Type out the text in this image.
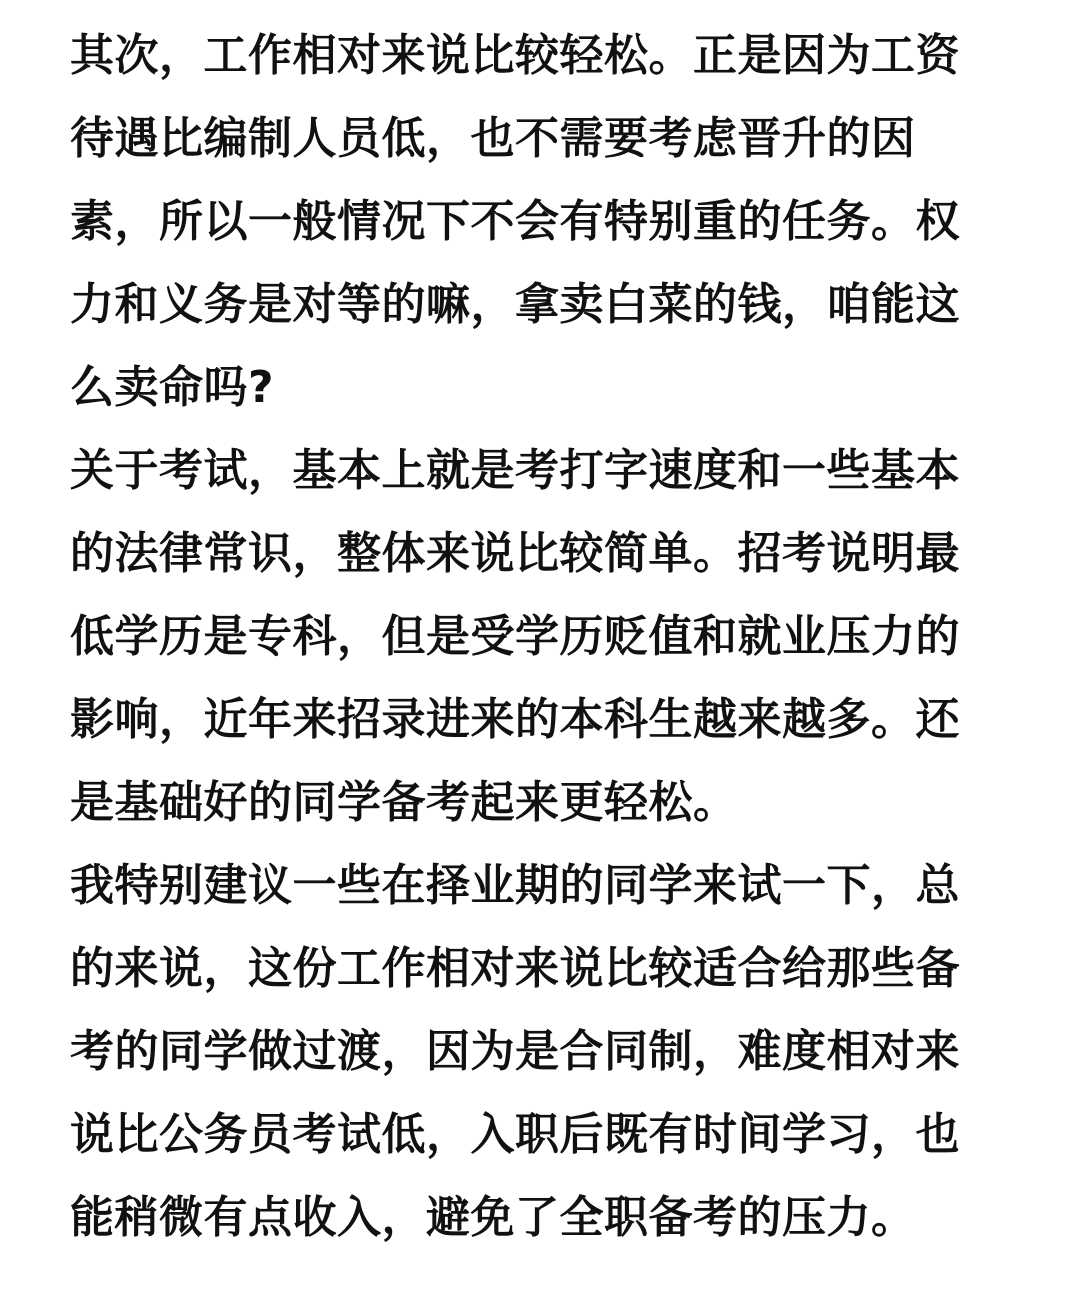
其次，工作相对来说比较轻松。正是因为工资
待遇比编制人员低，也不需要考虑晋升的因
素，所以一般情况下不会有特别重的任务。权
力和义务是对等的嘛，拿卖白菜的钱，咱能这
么卖命吗?
关于考试，基本上就是考打字速度和一些基本
的法律常识，整体来说比较简单。招考说明最
低学历是专科，但是受学历贬值和就业压力的
影响，近年来招录进来的本科生越来越多。还
是基础好的同学备考起来更轻松。
我特别建议一些在择业期的同学来试一下，总
的来说，这份工作相对来说比较适合给那些备
考的同学做过渡，因为是合同制，难度相对来
说比公务员考试低，入职后既有时间学习，也
能稍微有点收入，避免了全职备考的压力。
